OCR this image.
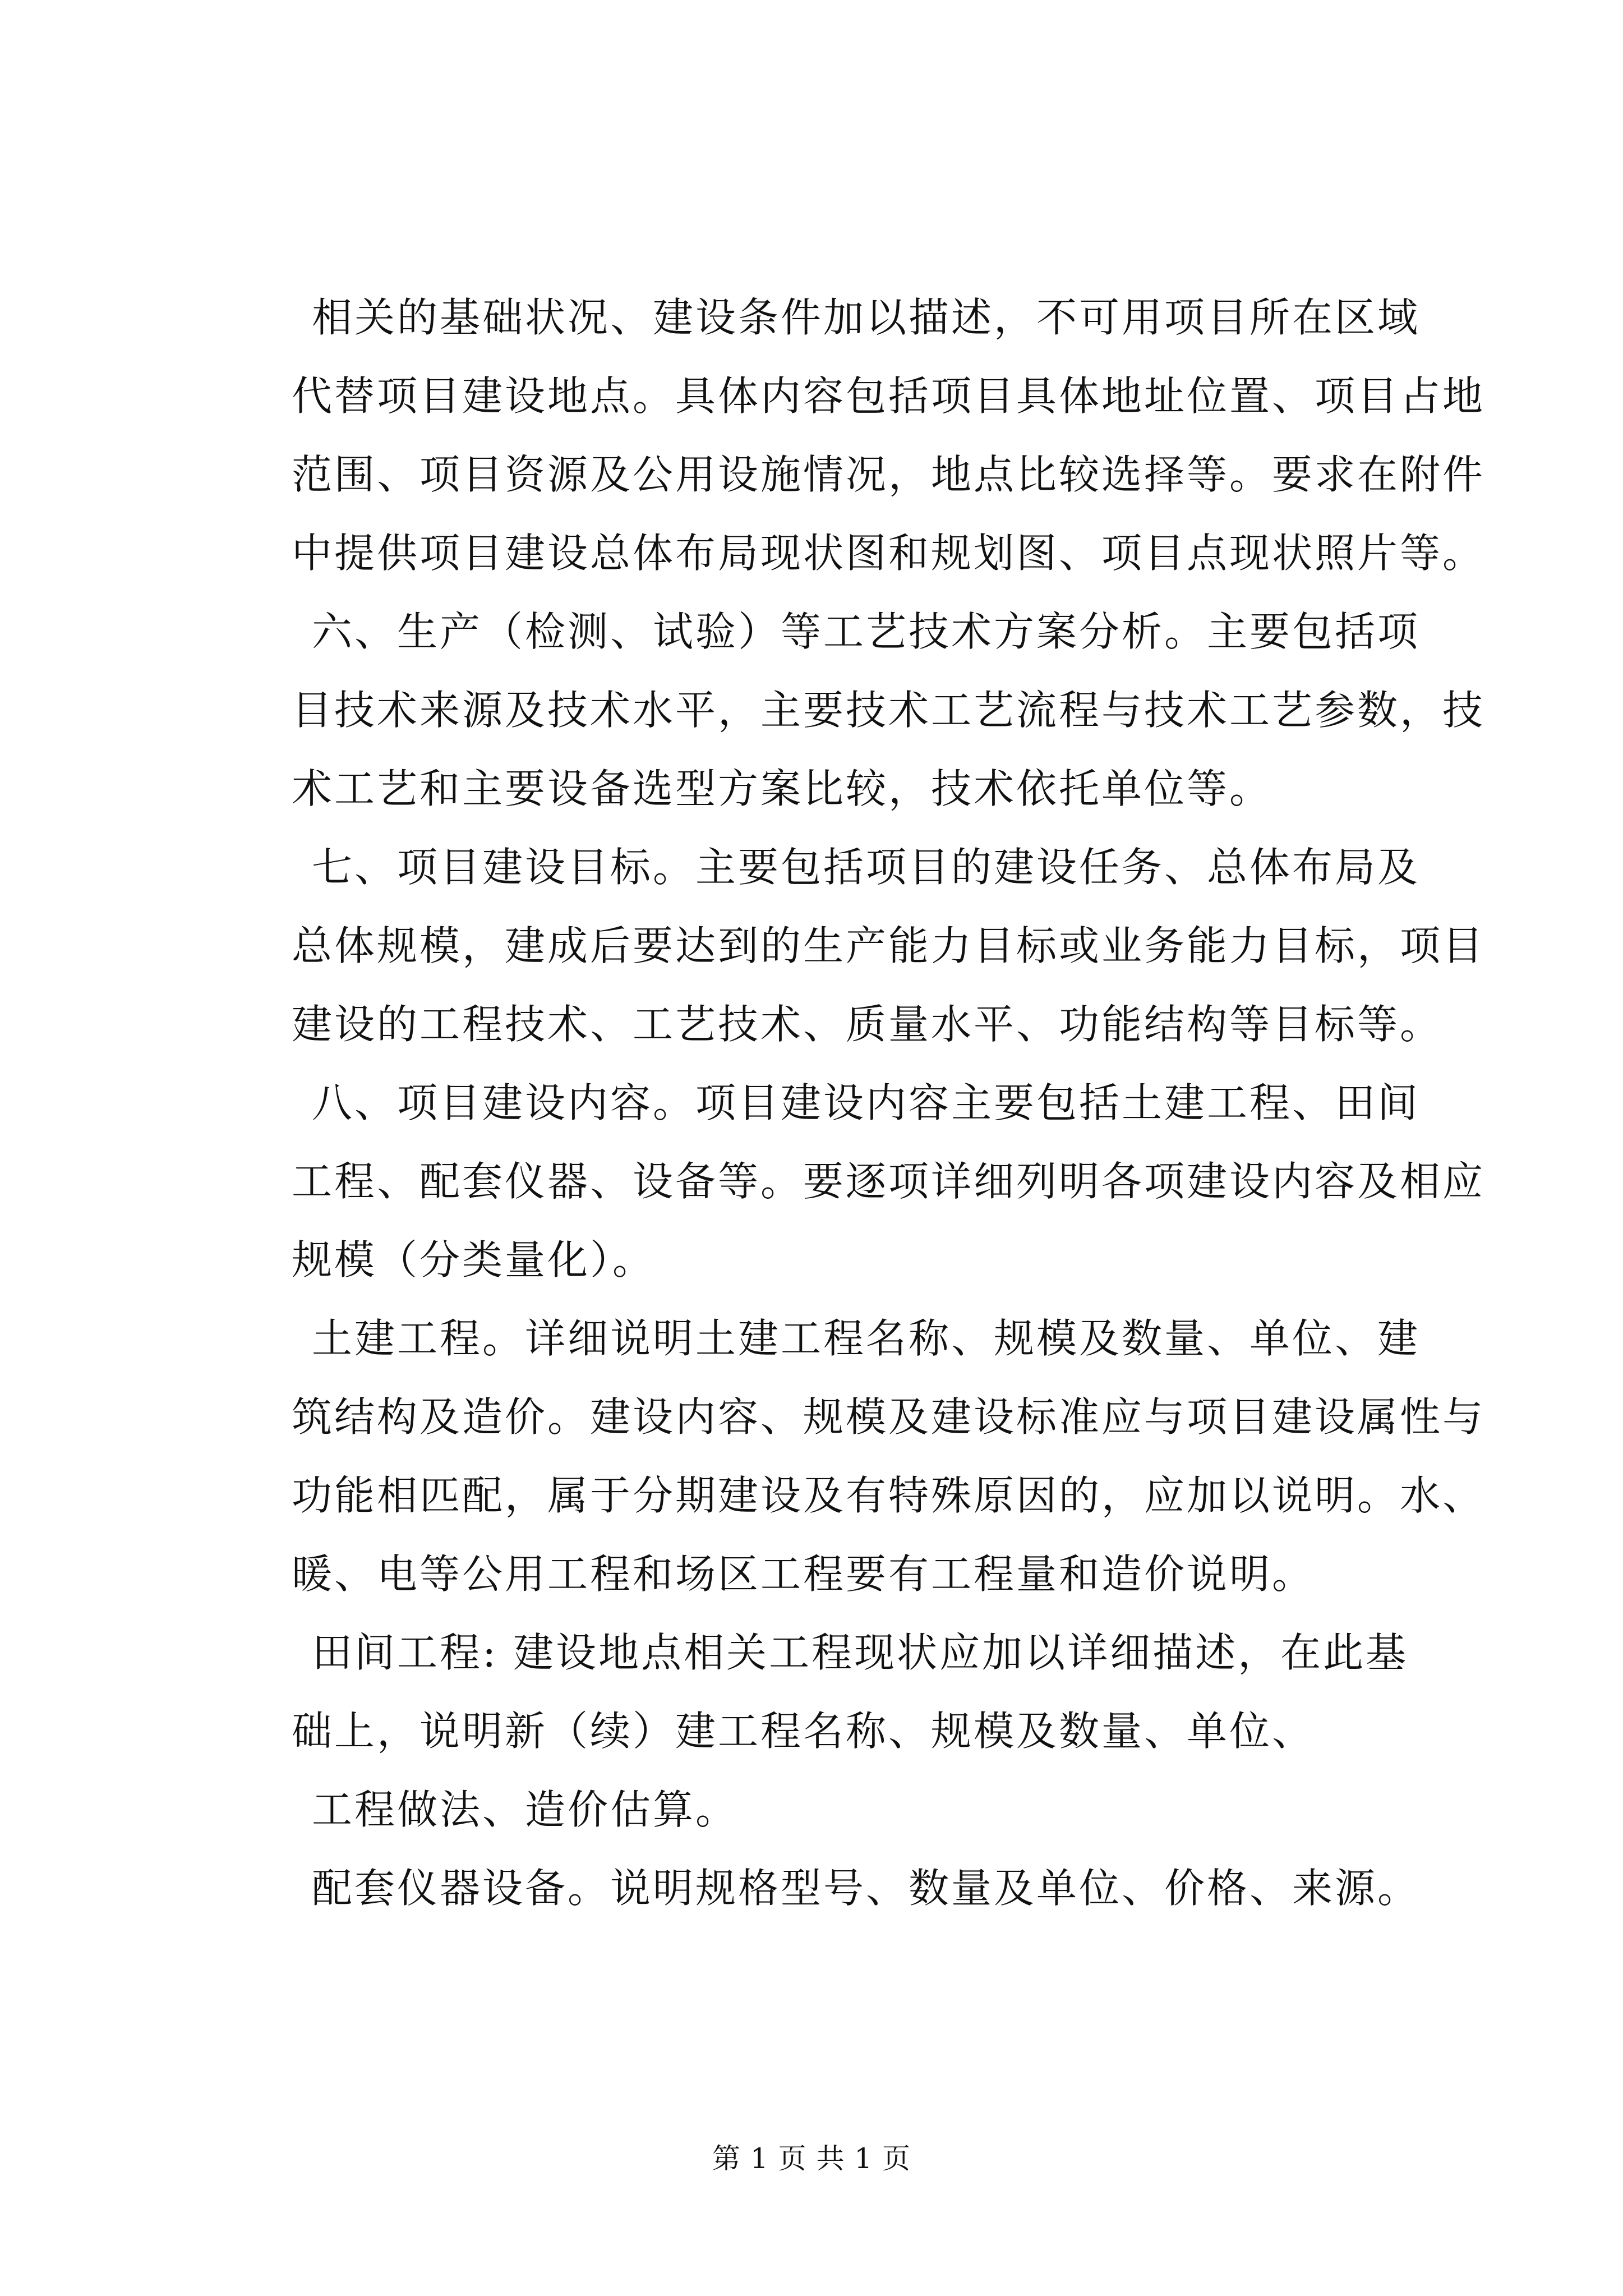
相关的基础状况、建设条件加以描述，不可用项目所在区域
代替项目建设地点。具体内容包括项目具体地址位置、项目占地
范围、项目资源及公用设施情况，地点比较选择等。要求在附件
中提供项目建设总体布局现状图和规划图、项目点现状照片等。
六、生产（检测、试验）等工艺技术方案分析。主要包括项
目技术来源及技术水平，主要技术工艺流程与技术工艺参数，技
术工艺和主要设备选型方案比较，技术依托单位等。
七、项目建设目标。主要包括项目的建设任务、总体布局及
总体规模，建成后要达到的生产能力目标或业务能力目标，项目
建设的工程技术、工艺技术、质量水平、功能结构等目标等。
八、项目建设内容。项目建设内容主要包括土建工程、田间
工程、配套仪器、设备等。要逐项详细列明各项建设内容及相应
规模（分类量化）。
土建工程。详细说明土建工程名称、规模及数量、单位、建
筑结构及造价。建设内容、规模及建设标准应与项目建设属性与
功能相匹配，属于分期建设及有特殊原因的，应加以说明。水、
暖、电等公用工程和场区工程要有工程量和造价说明。
田间工程: 建设地点相关工程现状应加以详细描述，在此基
础上，说明新（续）建工程名称、规模及数量、单位、
工程做法、造价估算。
配套仪器设备。说明规格型号、数量及单位、价格、来源。
第 1 页 共 1 页
